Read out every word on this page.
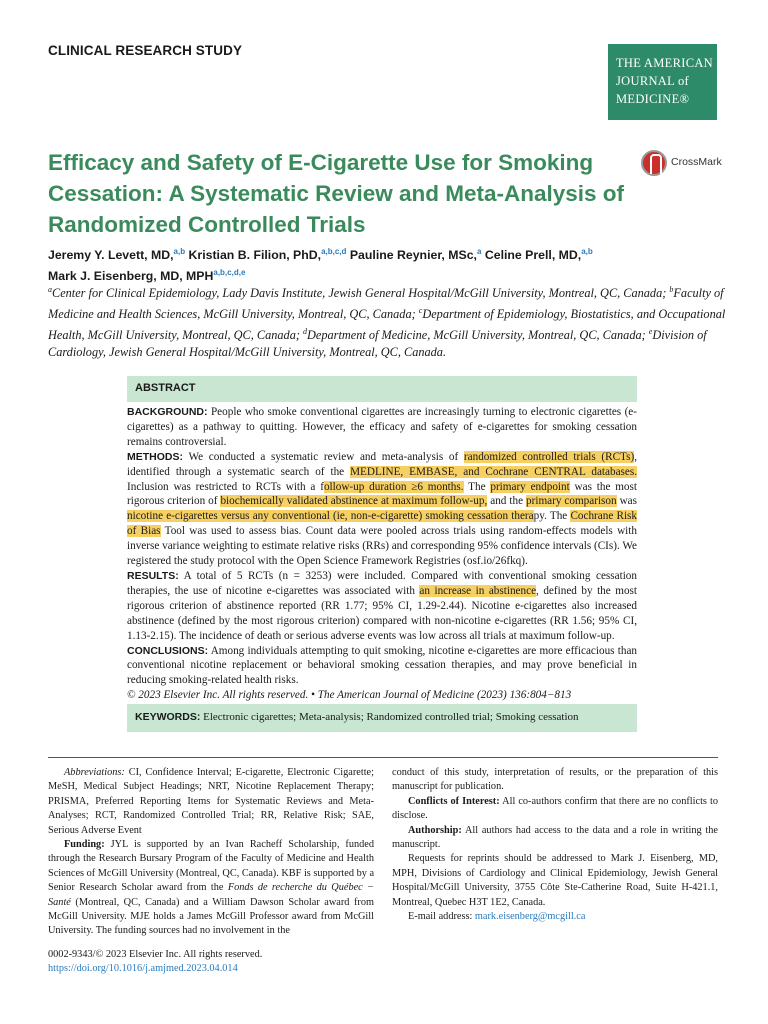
CLINICAL RESEARCH STUDY
THE AMERICAN
JOURNAL of
MEDICINE®
CrossMark
Efficacy and Safety of E-Cigarette Use for Smoking Cessation: A Systematic Review and Meta-Analysis of Randomized Controlled Trials
Jeremy Y. Levett, MD,$^{a,b}$ Kristian B. Filion, PhD,$^{a,b,c,d}$ Pauline Reynier, MSc,$^a$ Celine Prell, MD,$^{a,b}$
Mark J. Eisenberg, MD, MPH$^{a,b,c,d,e}$
$^a$Center for Clinical Epidemiology, Lady Davis Institute, Jewish General Hospital/McGill University, Montreal, QC, Canada; $^b$Faculty of Medicine and Health Sciences, McGill University, Montreal, QC, Canada; $^c$Department of Epidemiology, Biostatistics, and Occupational Health, McGill University, Montreal, QC, Canada; $^d$Department of Medicine, McGill University, Montreal, QC, Canada; $^e$Division of Cardiology, Jewish General Hospital/McGill University, Montreal, QC, Canada.
ABSTRACT

BACKGROUND: People who smoke conventional cigarettes are increasingly turning to electronic cigarettes (e-cigarettes) as a pathway to quitting. However, the efficacy and safety of e-cigarettes for smoking cessation remains controversial.

METHODS: We conducted a systematic review and meta-analysis of randomized controlled trials (RCTs), identified through a systematic search of the MEDLINE, EMBASE, and Cochrane CENTRAL databases. Inclusion was restricted to RCTs with a follow-up duration ≥6 months. The primary endpoint was the most rigorous criterion of biochemically validated abstinence at maximum follow-up, and the primary comparison was nicotine e-cigarettes versus any conventional (ie, non-e-cigarette) smoking cessation therapy. The Cochrane Risk of Bias Tool was used to assess bias. Count data were pooled across trials using random-effects models with inverse variance weighting to estimate relative risks (RRs) and corresponding 95% confidence intervals (CIs). We registered the study protocol with the Open Science Framework Registries (osf.io/26fkq).

RESULTS: A total of 5 RCTs (n = 3253) were included. Compared with conventional smoking cessation therapies, the use of nicotine e-cigarettes was associated with an increase in abstinence, defined by the most rigorous criterion of abstinence reported (RR 1.77; 95% CI, 1.29-2.44). Nicotine e-cigarettes also increased abstinence (defined by the most rigorous criterion) compared with non-nicotine e-cigarettes (RR 1.56; 95% CI, 1.13-2.15). The incidence of death or serious adverse events was low across all trials at maximum follow-up.

CONCLUSIONS: Among individuals attempting to quit smoking, nicotine e-cigarettes are more efficacious than conventional nicotine replacement or behavioral smoking cessation therapies, and may prove beneficial in reducing smoking-related health risks.

© 2023 Elsevier Inc. All rights reserved. • The American Journal of Medicine (2023) 136:804−813

KEYWORDS: Electronic cigarettes; Meta-analysis; Randomized controlled trial; Smoking cessation

Abbreviations: CI, Confidence Interval; E-cigarette, Electronic Cigarette; MeSH, Medical Subject Headings; NRT, Nicotine Replacement Therapy; PRISMA, Preferred Reporting Items for Systematic Reviews and Meta-Analyses; RCT, Randomized Controlled Trial; RR, Relative Risk; SAE, Serious Adverse Event

Funding: JYL is supported by an Ivan Racheff Scholarship, funded through the Research Bursary Program of the Faculty of Medicine and Health Sciences of McGill University (Montreal, QC, Canada). KBF is supported by a Senior Research Scholar award from the Fonds de recherche du Québec − Santé (Montreal, QC, Canada) and a William Dawson Scholar award from McGill University. MJE holds a James McGill Professor award from McGill University. The funding sources had no involvement in the

conduct of this study, interpretation of results, or the preparation of this manuscript for publication.

Conflicts of Interest: All co-authors confirm that there are no conflicts to disclose.

Authorship: All authors had access to the data and a role in writing the manuscript.

Requests for reprints should be addressed to Mark J. Eisenberg, MD, MPH, Divisions of Cardiology and Clinical Epidemiology, Jewish General Hospital/McGill University, 3755 Côte Ste-Catherine Road, Suite H-421.1, Montreal, Quebec H3T 1E2, Canada.

E-mail address: mark.eisenberg@mcgill.ca

0002-9343/© 2023 Elsevier Inc. All rights reserved.
https://doi.org/10.1016/j.amjmed.2023.04.014
